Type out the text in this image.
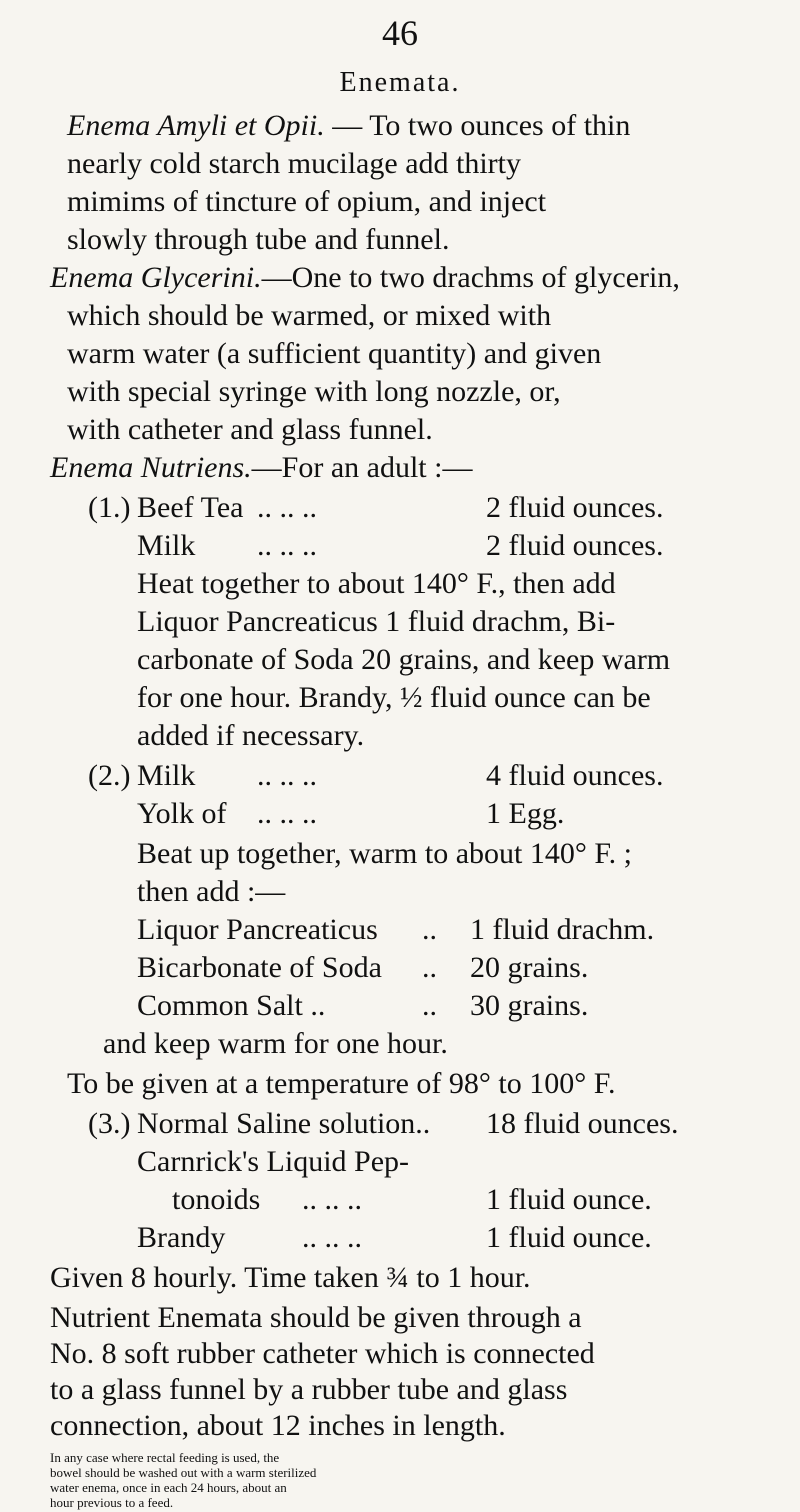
46
Enemata.
Enema Amyli et Opii. — To two ounces of thin
nearly cold starch mucilage add thirty
mimims of tincture of opium, and inject
slowly through tube and funnel.
Enema Glycerini.—One to two drachms of glycerin,
which should be warmed, or mixed with
warm water (a sufficient quantity) and given
with special syringe with long nozzle, or,
with catheter and glass funnel.
Enema Nutriens.—For an adult :—
(1.) Beef Tea .. .. ..	2 fluid ounces.
Milk .. .. ..	2 fluid ounces.
Heat together to about 140° F., then add
Liquor Pancreaticus 1 fluid drachm, Bi-
carbonate of Soda 20 grains, and keep warm
for one hour. Brandy, ½ fluid ounce can be
added if necessary.
(2.) Milk .. .. ..	4 fluid ounces.
Yolk of .. .. ..	1 Egg.
Beat up together, warm to about 140° F. ;
then add :—
Liquor Pancreaticus .. 1 fluid drachm.
Bicarbonate of Soda .. 20 grains.
Common Salt ..	.. 30 grains.
and keep warm for one hour.
To be given at a temperature of 98° to 100° F.
(3.) Normal Saline solution.. 18 fluid ounces.
Carnrick's Liquid Pep-
tonoids .. .. ..	1 fluid ounce.
Brandy	.. .. ..	1 fluid ounce.
Given 8 hourly. Time taken ¾ to 1 hour.
Nutrient Enemata should be given through a
No. 8 soft rubber catheter which is connected
to a glass funnel by a rubber tube and glass
connection, about 12 inches in length.
In any case where rectal feeding is used, the
bowel should be washed out with a warm sterilized
water enema, once in each 24 hours, about an
hour previous to a feed.
